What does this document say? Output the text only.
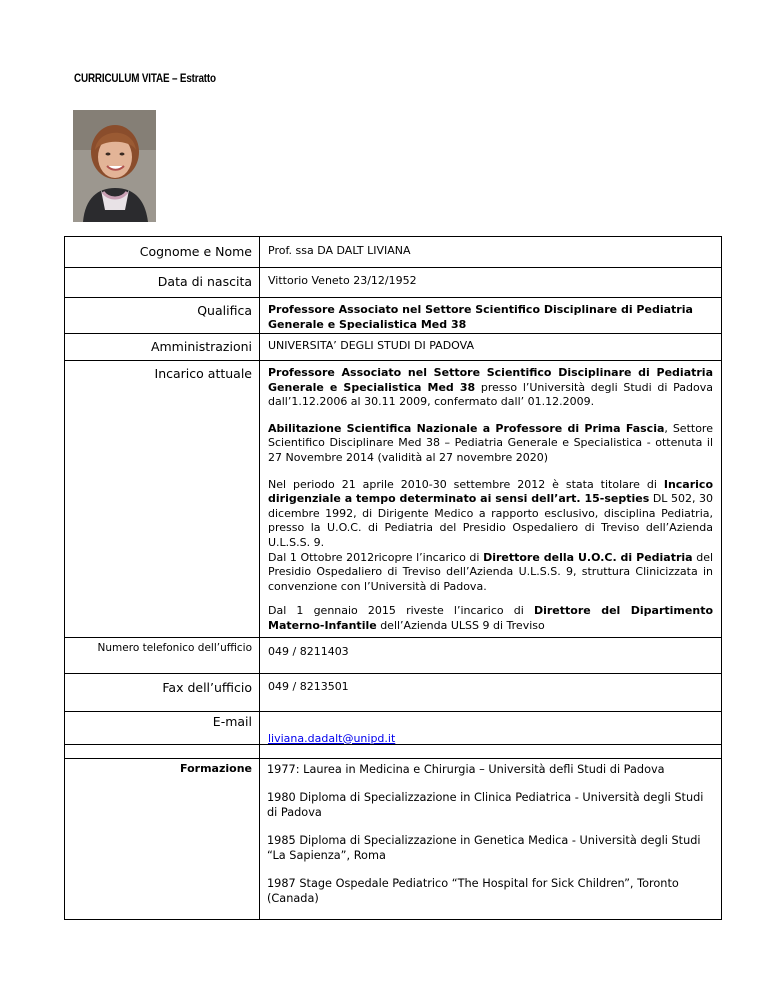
CURRICULUM VITAE – Estratto
Cognome e Nome	Prof. ssa DA DALT LIVIANA
Data di nascita	Vittorio Veneto 23/12/1952
Qualifica	Professore Associato nel Settore Scientifico Disciplinare di Pediatria Generale e Specialistica Med 38
Amministrazioni	UNIVERSITA’ DEGLI STUDI DI PADOVA
Incarico attuale	Professore Associato nel Settore Scientifico Disciplinare di Pediatria Generale e Specialistica Med 38 presso l’Università degli Studi di Padova dall’1.12.2006 al 30.11 2009, confermato dall’ 01.12.2009.

Abilitazione Scientifica Nazionale a Professore di Prima Fascia, Settore Scientifico Disciplinare Med 38 – Pediatria Generale e Specialistica - ottenuta il 27 Novembre 2014 (validità al 27 novembre 2020)

Nel periodo 21 aprile 2010-30 settembre 2012 è stata titolare di Incarico dirigenziale a tempo determinato ai sensi dell’art. 15-septies DL 502, 30 dicembre 1992, di Dirigente Medico a rapporto esclusivo, disciplina Pediatria, presso la U.O.C. di Pediatria del Presidio Ospedaliero di Treviso dell’Azienda U.L.S.S. 9.
Dal 1 Ottobre 2012ricopre l’incarico di Direttore della U.O.C. di Pediatria del Presidio Ospedaliero di Treviso dell’Azienda U.L.S.S. 9, struttura Clinicizzata in convenzione con l’Università di Padova.

Dal 1 gennaio 2015 riveste l’incarico di Direttore del Dipartimento Materno-Infantile dell’Azienda ULSS 9 di Treviso

Numero telefonico dell’ufficio	049 / 8211403
Fax dell’ufficio	049 / 8213501
E-mail	liviana.dadalt@unipd.it
Formazione	1977: Laurea in Medicina e Chirurgia – Università defli Studi di Padova

1980 Diploma di Specializzazione in Clinica Pediatrica - Università degli Studi di Padova

1985 Diploma di Specializzazione in Genetica Medica - Università degli Studi “La Sapienza”, Roma

1987 Stage Ospedale Pediatrico “The Hospital for Sick Children”, Toronto (Canada)
